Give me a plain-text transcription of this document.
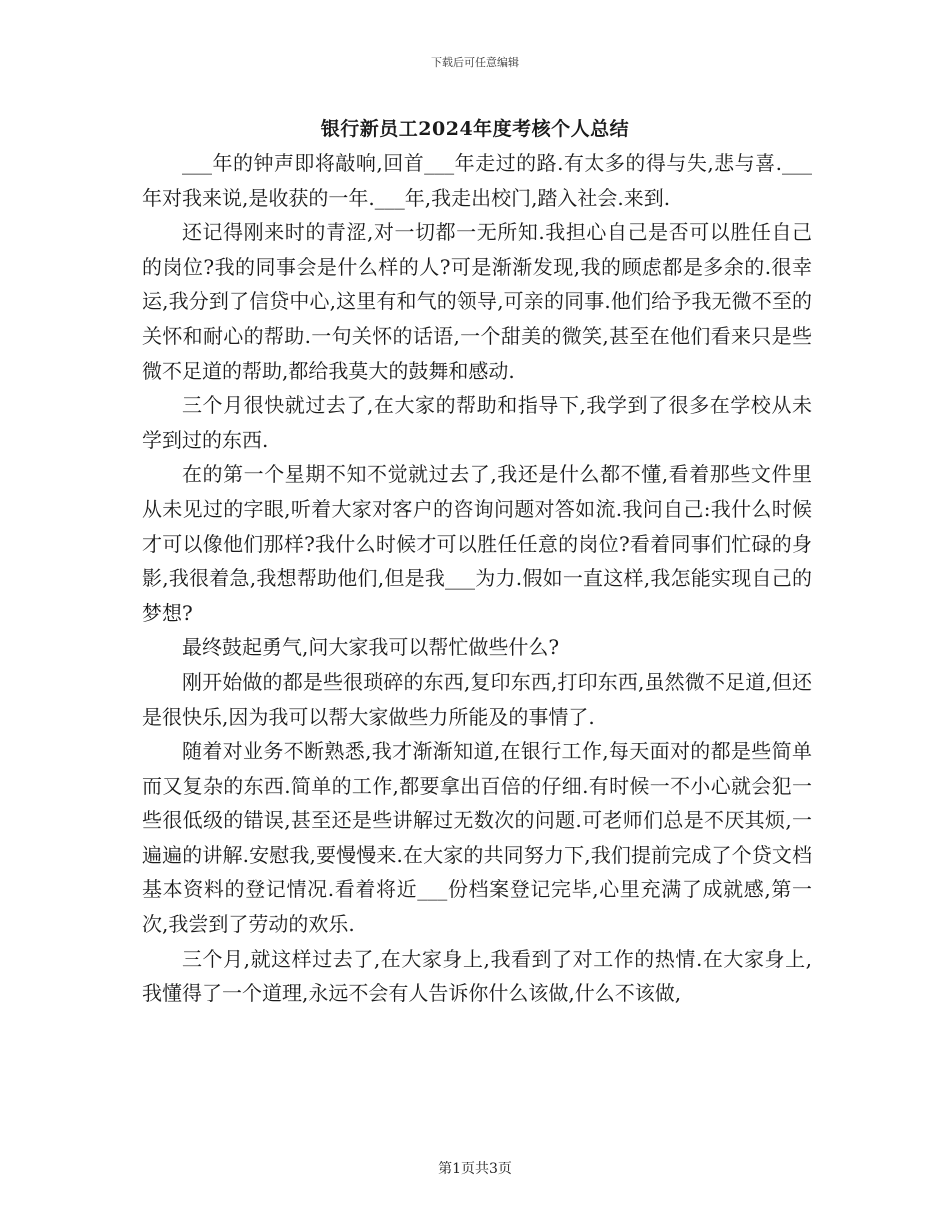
下载后可任意编辑
银行新员工2024年度考核个人总结

___年的钟声即将敲响,回首___年走过的路.有太多的得与失,悲与喜.___年对我来说,是收获的一年.___年,我走出校门,踏入社会.来到.

还记得刚来时的青涩,对一切都一无所知.我担心自己是否可以胜任自己的岗位?我的同事会是什么样的人?可是渐渐发现,我的顾虑都是多余的.很幸运,我分到了信贷中心,这里有和气的领导,可亲的同事.他们给予我无微不至的关怀和耐心的帮助.一句关怀的话语,一个甜美的微笑,甚至在他们看来只是些微不足道的帮助,都给我莫大的鼓舞和感动.

三个月很快就过去了,在大家的帮助和指导下,我学到了很多在学校从未学到过的东西.

在的第一个星期不知不觉就过去了,我还是什么都不懂,看着那些文件里从未见过的字眼,听着大家对客户的咨询问题对答如流.我问自己:我什么时候才可以像他们那样?我什么时候才可以胜任任意的岗位?看着同事们忙碌的身影,我很着急,我想帮助他们,但是我___为力.假如一直这样,我怎能实现自己的梦想?

最终鼓起勇气,问大家我可以帮忙做些什么?

刚开始做的都是些很琐碎的东西,复印东西,打印东西,虽然微不足道,但还是很快乐,因为我可以帮大家做些力所能及的事情了.

随着对业务不断熟悉,我才渐渐知道,在银行工作,每天面对的都是些简单而又复杂的东西.简单的工作,都要拿出百倍的仔细.有时候一不小心就会犯一些很低级的错误,甚至还是些讲解过无数次的问题.可老师们总是不厌其烦,一遍遍的讲解.安慰我,要慢慢来.在大家的共同努力下,我们提前完成了个贷文档基本资料的登记情况.看着将近___份档案登记完毕,心里充满了成就感,第一次,我尝到了劳动的欢乐.

三个月,就这样过去了,在大家身上,我看到了对工作的热情.在大家身上,我懂得了一个道理,永远不会有人告诉你什么该做,什么不该做,

第1页共3页
